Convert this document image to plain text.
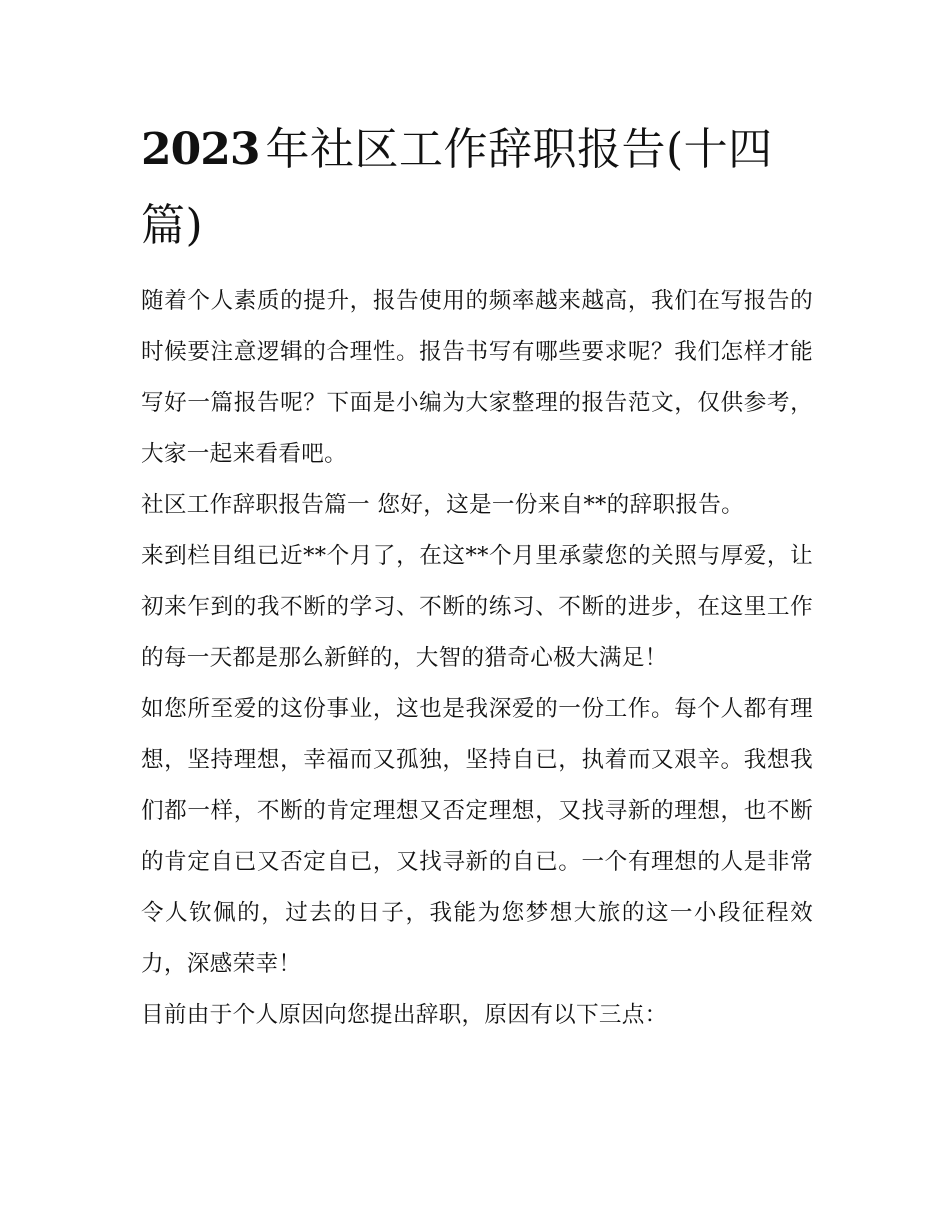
2023 年社区工作辞职报告(十四篇)

随着个人素质的提升，报告使用的频率越来越高，我们在写报告的时候要注意逻辑的合理性。报告书写有哪些要求呢？我们怎样才能写好一篇报告呢？下面是小编为大家整理的报告范文，仅供参考，大家一起来看看吧。

社区工作辞职报告篇一 您好，这是一份来自**的辞职报告。

来到栏目组已近**个月了，在这**个月里承蒙您的关照与厚爱，让初来乍到的我不断的学习、不断的练习、不断的进步，在这里工作的每一天都是那么新鲜的，大智的猎奇心极大满足！

如您所至爱的这份事业，这也是我深爱的一份工作。每个人都有理想，坚持理想，幸福而又孤独，坚持自已，执着而又艰辛。我想我们都一样，不断的肯定理想又否定理想，又找寻新的理想，也不断的肯定自已又否定自已，又找寻新的自已。一个有理想的人是非常令人钦佩的，过去的日子，我能为您梦想大旅的这一小段征程效力，深感荣幸！

目前由于个人原因向您提出辞职，原因有以下三点：
